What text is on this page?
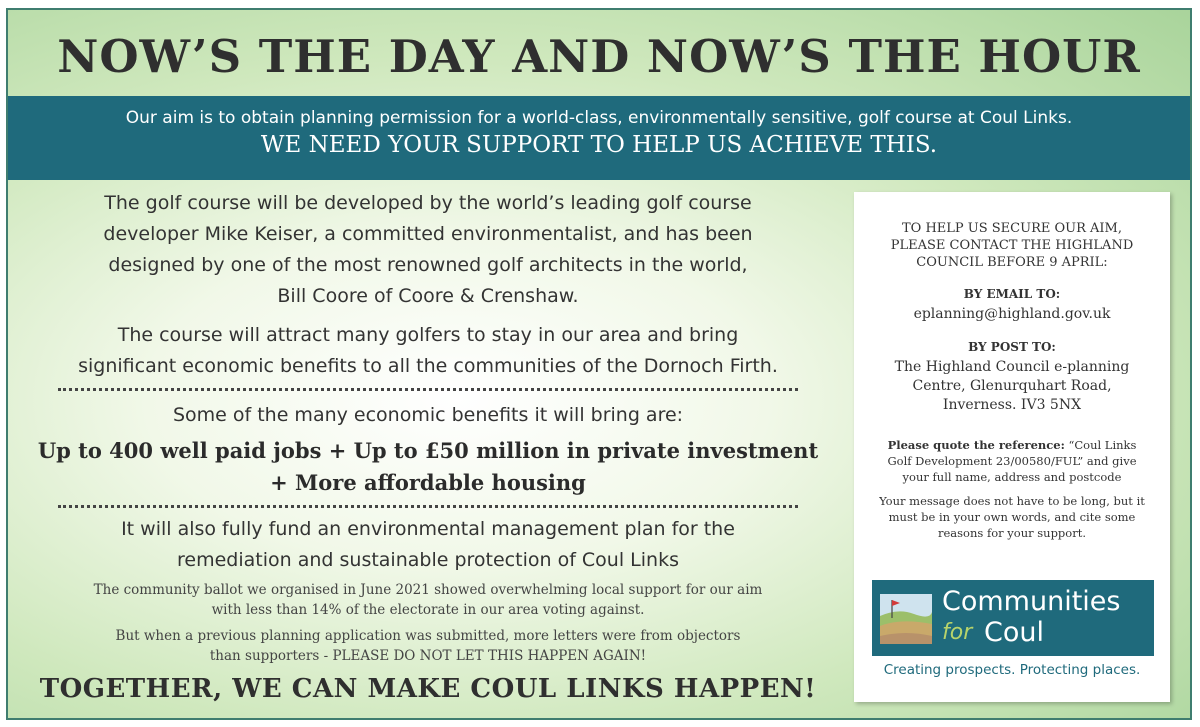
NOW’S THE DAY AND NOW’S THE HOUR
Our aim is to obtain planning permission for a world-class, environmentally sensitive, golf course at Coul Links.
WE NEED YOUR SUPPORT TO HELP US ACHIEVE THIS.

The golf course will be developed by the world’s leading golf course
developer Mike Keiser, a committed environmentalist, and has been
designed by one of the most renowned golf architects in the world,
Bill Coore of Coore & Crenshaw.

The course will attract many golfers to stay in our area and bring
significant economic benefits to all the communities of the Dornoch Firth.

Some of the many economic benefits it will bring are:

Up to 400 well paid jobs + Up to £50 million in private investment
+ More affordable housing

It will also fully fund an environmental management plan for the
remediation and sustainable protection of Coul Links

The community ballot we organised in June 2021 showed overwhelming local support for our aim
with less than 14% of the electorate in our area voting against.

But when a previous planning application was submitted, more letters were from objectors
than supporters - PLEASE DO NOT LET THIS HAPPEN AGAIN!

TOGETHER, WE CAN MAKE COUL LINKS HAPPEN!
TO HELP US SECURE OUR AIM,
PLEASE CONTACT THE HIGHLAND
COUNCIL BEFORE 9 APRIL:
BY EMAIL TO:
eplanning@highland.gov.uk
BY POST TO:
The Highland Council e-planning
Centre, Glenurquhart Road,
Inverness. IV3 5NX
Please quote the reference: “Coul Links Golf Development 23/00580/FUL” and give your full name, address and postcode
Your message does not have to be long, but it must be in your own words, and cite some reasons for your support.
Communities
for Coul
Creating prospects. Protecting places.
